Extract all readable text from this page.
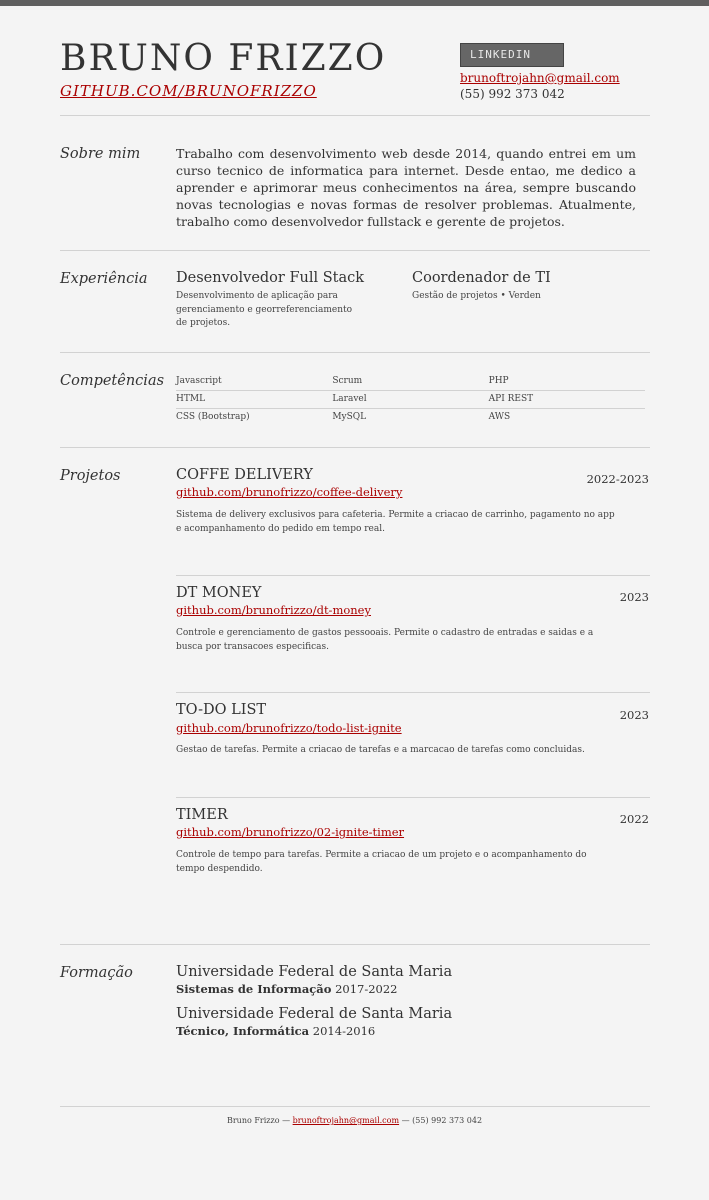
BRUNO FRIZZO
GITHUB.COM/BRUNOFRIZZO
LINKEDIN
brunoftrojahn@gmail.com
(55) 992 373 042
Sobre mim	Trabalho com desenvolvimento web desde 2014, quando entrei em um curso tecnico de informatica para internet. Desde entao, me dedico a aprender e aprimorar meus conhecimentos na área, sempre buscando novas tecnologias e novas formas de resolver problemas. Atualmente, trabalho como desenvolvedor fullstack e gerente de projetos.
Experiência Desenvolvedor Full Stack
Desenvolvimento de aplicação para gerenciamento e georreferenciamento de projetos.
Coordenador de TI
Gestão de projetos • Verden
Competências Javascript	Scrum	PHP
HTML	Laravel	API REST
CSS (Bootstrap)	MySQL	AWS
Projetos	COFFE DELIVERY	2022-2023
github.com/brunofrizzo/coffee-delivery
Sistema de delivery exclusivos para cafeteria. Permite a criacao de carrinho, pagamento no app e acompanhamento do pedido em tempo real.
DT MONEY	2023
github.com/brunofrizzo/dt-money
Controle e gerenciamento de gastos pessooais. Permite o cadastro de entradas e saidas e a busca por transacoes especificas.
TO-DO LIST	2023
github.com/brunofrizzo/todo-list-ignite
Gestao de tarefas. Permite a criacao de tarefas e a marcacao de tarefas como concluidas.
TIMER	2022
github.com/brunofrizzo/02-ignite-timer
Controle de tempo para tarefas. Permite a criacao de um projeto e o acompanhamento do tempo despendido.
Formação	Universidade Federal de Santa Maria
Sistemas de Informação 2017-2022
Universidade Federal de Santa Maria
Técnico, Informática 2014-2016
Bruno Frizzo — brunoftrojahn@gmail.com — (55) 992 373 042
